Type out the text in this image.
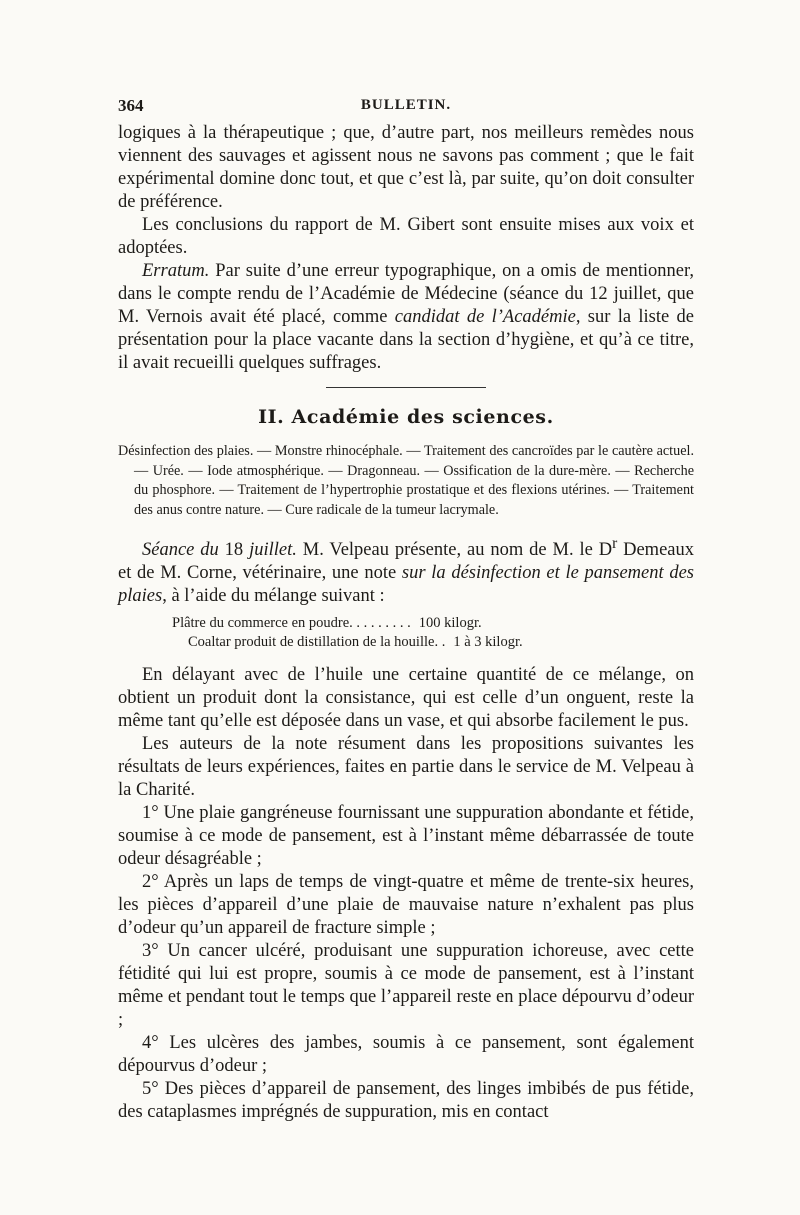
364	BULLETIN.

logiques à la thérapeutique ; que, d’autre part, nos meilleurs remèdes nous viennent des sauvages et agissent nous ne savons pas comment ; que le fait expérimental domine donc tout, et que c’est là, par suite, qu’on doit consulter de préférence.

Les conclusions du rapport de M. Gibert sont ensuite mises aux voix et adoptées.

Erratum. Par suite d’une erreur typographique, on a omis de mentionner, dans le compte rendu de l’Académie de Médecine (séance du 12 juillet, que M. Vernois avait été placé, comme candidat de l’Académie, sur la liste de présentation pour la place vacante dans la section d’hygiène, et qu’à ce titre, il avait recueilli quelques suffrages.

II. Académie des sciences.

Désinfection des plaies. — Monstre rhinocéphale. — Traitement des cancroïdes par le cautère actuel. — Urée. — Iode atmosphérique. — Dragonneau. — Ossification de la dure-mère. — Recherche du phosphore. — Traitement de l’hypertrophie prostatique et des flexions utérines. — Traitement des anus contre nature. — Cure radicale de la tumeur lacrymale.

Séance du 18 juillet. M. Velpeau présente, au nom de M. le $D^r$ Demeaux et de M. Corne, vétérinaire, une note sur la désinfection et le pansement des plaies, à l’aide du mélange suivant :

Plâtre du commerce en poudre. . . . . . . . . 100 kilogr.
Coaltar produit de distillation de la houille. . 1 à 3 kilogr.

En délayant avec de l’huile une certaine quantité de ce mélange, on obtient un produit dont la consistance, qui est celle d’un onguent, reste la même tant qu’elle est déposée dans un vase, et qui absorbe facilement le pus.

Les auteurs de la note résument dans les propositions suivantes les résultats de leurs expériences, faites en partie dans le service de M. Velpeau à la Charité.

1° Une plaie gangréneuse fournissant une suppuration abondante et fétide, soumise à ce mode de pansement, est à l’instant même débarrassée de toute odeur désagréable ;

2° Après un laps de temps de vingt-quatre et même de trente-six heures, les pièces d’appareil d’une plaie de mauvaise nature n’exhalent pas plus d’odeur qu’un appareil de fracture simple ;

3° Un cancer ulcéré, produisant une suppuration ichoreuse, avec cette fétidité qui lui est propre, soumis à ce mode de pansement, est à l’instant même et pendant tout le temps que l’appareil reste en place dépourvu d’odeur ;

4° Les ulcères des jambes, soumis à ce pansement, sont également dépourvus d’odeur ;

5° Des pièces d’appareil de pansement, des linges imbibés de pus fétide, des cataplasmes imprégnés de suppuration, mis en contact
